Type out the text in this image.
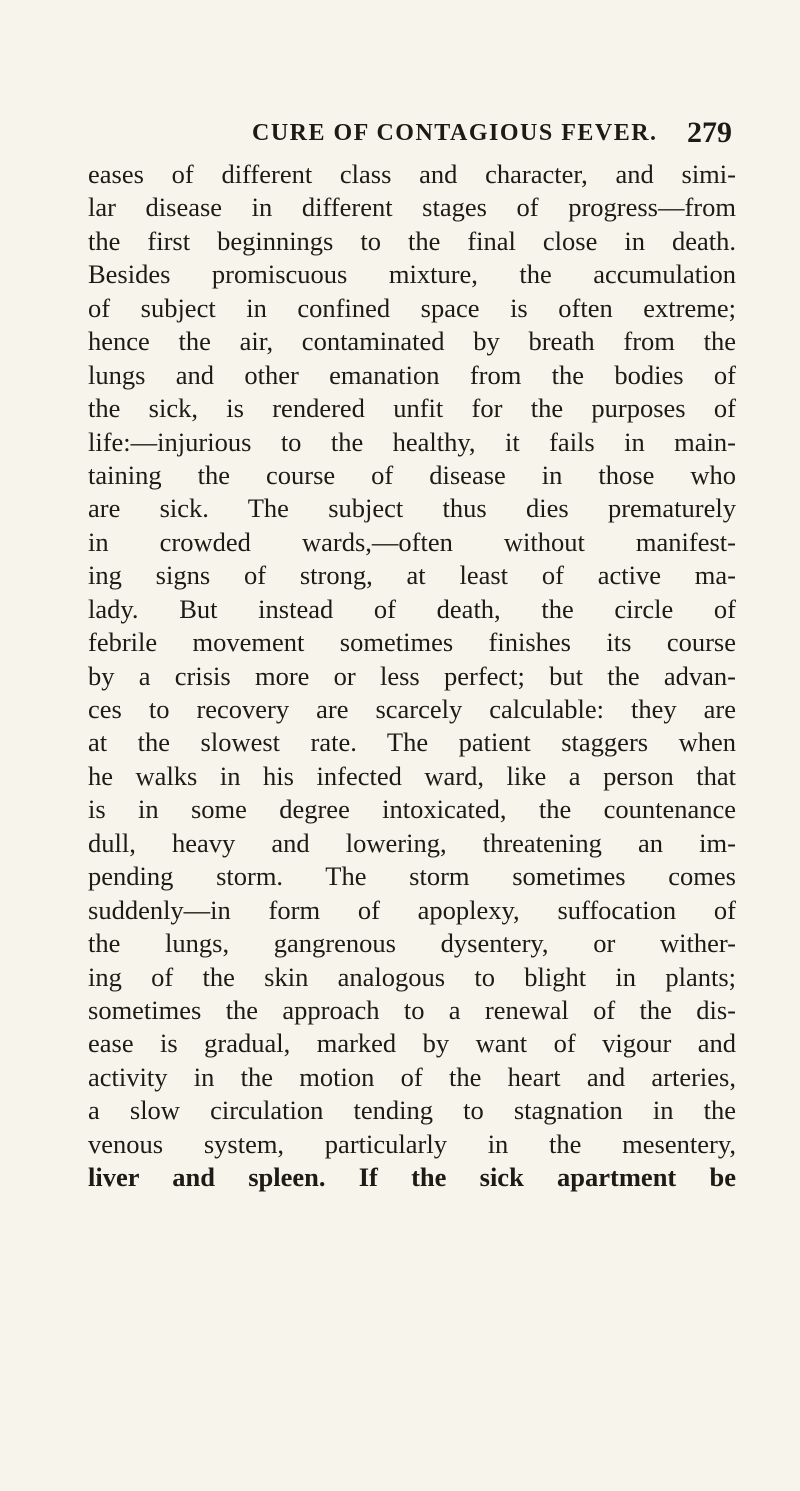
CURE OF CONTAGIOUS FEVER. 279
eases of different class and character, and simi-
lar disease in different stages of progress—from
the first beginnings to the final close in death.
Besides promiscuous mixture, the accumulation
of subject in confined space is often extreme;
hence the air, contaminated by breath from the
lungs and other emanation from the bodies of
the sick, is rendered unfit for the purposes of
life:—injurious to the healthy, it fails in main-
taining the course of disease in those who
are sick. The subject thus dies prematurely
in crowded wards,—often without manifest-
ing signs of strong, at least of active ma-
lady. But instead of death, the circle of
febrile movement sometimes finishes its course
by a crisis more or less perfect; but the advan-
ces to recovery are scarcely calculable: they are
at the slowest rate. The patient staggers when
he walks in his infected ward, like a person that
is in some degree intoxicated, the countenance
dull, heavy and lowering, threatening an im-
pending storm. The storm sometimes comes
suddenly—in form of apoplexy, suffocation of
the lungs, gangrenous dysentery, or wither-
ing of the skin analogous to blight in plants;
sometimes the approach to a renewal of the dis-
ease is gradual, marked by want of vigour and
activity in the motion of the heart and arteries,
a slow circulation tending to stagnation in the
venous system, particularly in the mesentery,
liver and spleen. If the sick apartment be
